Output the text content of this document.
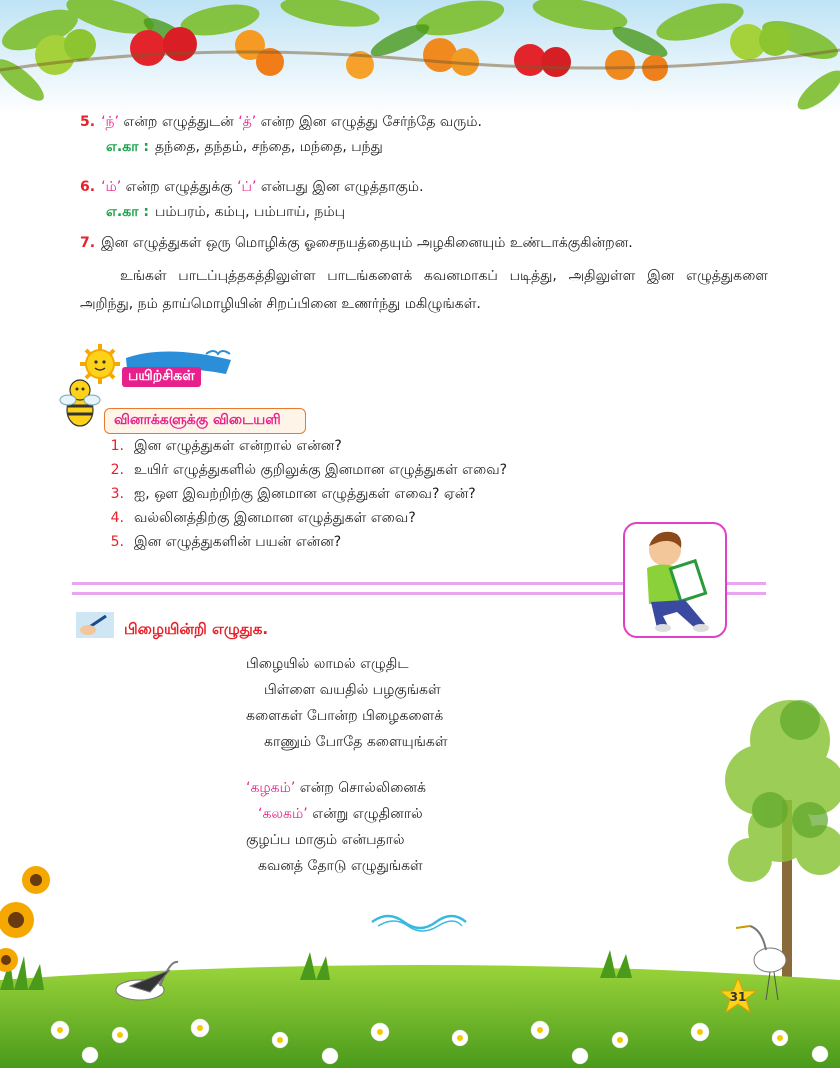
5. ‘ந்’ என்ற எழுத்துடன் ‘த்’ என்ற இன எழுத்து சேர்ந்தே வரும்.
எ.கா : தந்தை, தந்தம், சந்தை, மந்தை, பந்து
6. ‘ம்’ என்ற எழுத்துக்கு ‘ப்’ என்பது இன எழுத்தாகும்.
எ.கா : பம்பரம், கம்பு, பம்பாய், நம்பு
7. இன எழுத்துகள் ஒரு மொழிக்கு ஓசைநயத்தையும் அழகினையும் உண்டாக்குகின்றன.
உங்கள் பாடப்புத்தகத்திலுள்ள பாடங்களைக் கவனமாகப் படித்து, அதிலுள்ள இன எழுத்துகளை அறிந்து, நம் தாய்மொழியின் சிறப்பினை உணர்ந்து மகிழுங்கள்.
பயிற்சிகள்
வினாக்களுக்கு விடையளி
1. இன எழுத்துகள் என்றால் என்ன?
2. உயிர் எழுத்துகளில் குறிலுக்கு இனமான எழுத்துகள் எவை?
3. ஐ, ஔ இவற்றிற்கு இனமான எழுத்துகள் எவை? ஏன்?
4. வல்லினத்திற்கு இனமான எழுத்துகள் எவை?
5. இன எழுத்துகளின் பயன் என்ன?
பிழையின்றி எழுதுக.
பிழையில் லாமல் எழுதிட
பிள்ளை வயதில் பழகுங்கள்
களைகள் போன்ற பிழைகளைக்
காணும் போதே களையுங்கள்
‘கழகம்’ என்ற சொல்லினைக்
‘கலகம்’ என்று எழுதினால்
குழப்ப மாகும் என்பதால்
கவனத் தோடு எழுதுங்கள்
31
